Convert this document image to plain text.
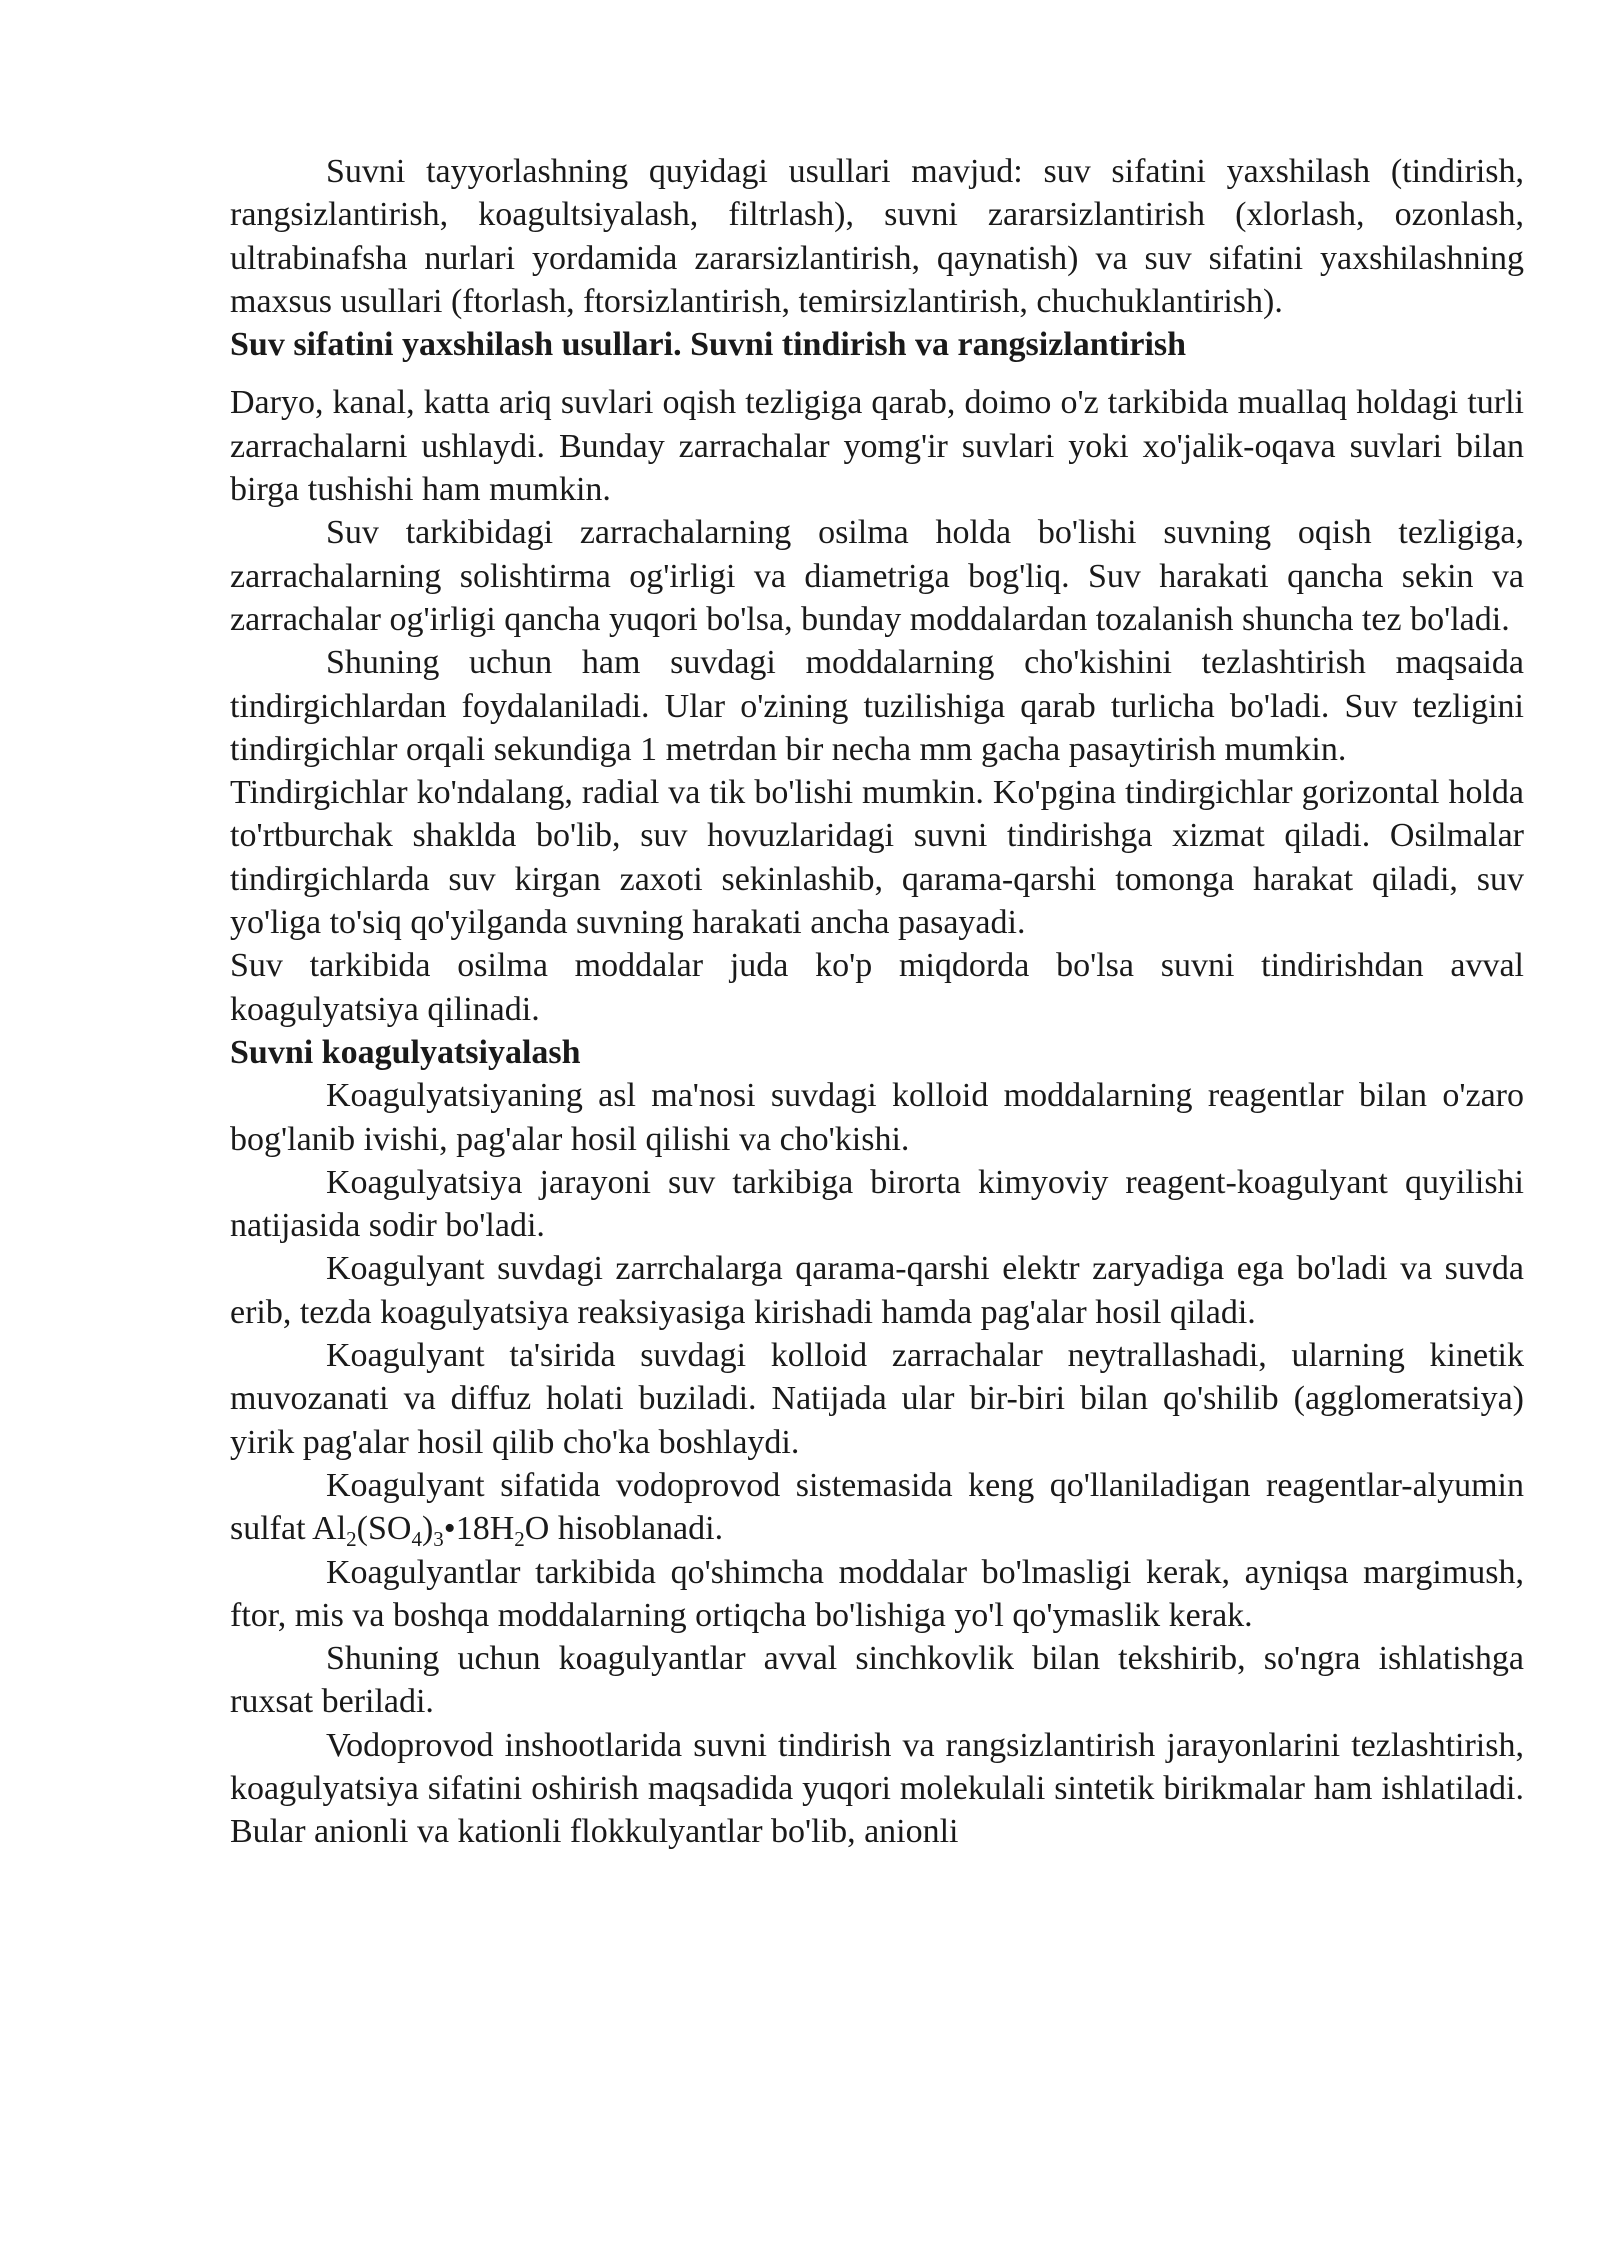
Suvni tayyorlashning quyidagi usullari mavjud: suv sifatini yaxshilash (tindirish, rangsizlantirish, koagultsiyalash, filtrlash), suvni zararsizlantirish (xlorlash, ozonlash, ultrabinafsha nurlari yordamida zararsizlantirish, qaynatish) va suv sifatini yaxshilashning maxsus usullari (ftorlash, ftorsizlantirish, temirsizlantirish, chuchuklantirish).

Suv sifatini yaxshilash usullari. Suvni tindirish va rangsizlantirish

Daryo, kanal, katta ariq suvlari oqish tezligiga qarab, doimo o'z tarkibida muallaq holdagi turli zarrachalarni ushlaydi. Bunday zarrachalar yomg'ir suvlari yoki xo'jalik-oqava suvlari bilan birga tushishi ham mumkin.

Suv tarkibidagi zarrachalarning osilma holda bo'lishi suvning oqish tezligiga, zarrachalarning solishtirma og'irligi va diametriga bog'liq. Suv harakati qancha sekin va zarrachalar og'irligi qancha yuqori bo'lsa, bunday moddalardan tozalanish shuncha tez bo'ladi.

Shuning uchun ham suvdagi moddalarning cho'kishini tezlashtirish maqsaida tindirgichlardan foydalaniladi. Ular o'zining tuzilishiga qarab turlicha bo'ladi. Suv tezligini tindirgichlar orqali sekundiga 1 metrdan bir necha mm gacha pasaytirish mumkin.

Tindirgichlar ko'ndalang, radial va tik bo'lishi mumkin. Ko'pgina tindirgichlar gorizontal holda to'rtburchak shaklda bo'lib, suv hovuzlaridagi suvni tindirishga xizmat qiladi. Osilmalar tindirgichlarda suv kirgan zaxoti sekinlashib, qarama-qarshi tomonga harakat qiladi, suv yo'liga to'siq qo'yilganda suvning harakati ancha pasayadi.

Suv tarkibida osilma moddalar juda ko'p miqdorda bo'lsa suvni tindirishdan avval koagulyatsiya qilinadi.

Suvni koagulyatsiyalash

Koagulyatsiyaning asl ma'nosi suvdagi kolloid moddalarning reagentlar bilan o'zaro bog'lanib ivishi, pag'alar hosil qilishi va cho'kishi.

Koagulyatsiya jarayoni suv tarkibiga birorta kimyoviy reagent-koagulyant quyilishi natijasida sodir bo'ladi.

Koagulyant suvdagi zarrchalarga qarama-qarshi elektr zaryadiga ega bo'ladi va suvda erib, tezda koagulyatsiya reaksiyasiga kirishadi hamda pag'alar hosil qiladi.

Koagulyant ta'sirida suvdagi kolloid zarrachalar neytrallashadi, ularning kinetik muvozanati va diffuz holati buziladi. Natijada ular bir-biri bilan qo'shilib (agglomeratsiya) yirik pag'alar hosil qilib cho'ka boshlaydi.

Koagulyant sifatida vodoprovod sistemasida keng qo'llaniladigan reagentlar-alyumin sulfat $Al_2(SO_4)_3•18H_2O$ hisoblanadi.

Koagulyantlar tarkibida qo'shimcha moddalar bo'lmasligi kerak, ayniqsa margimush, ftor, mis va boshqa moddalarning ortiqcha bo'lishiga yo'l qo'ymaslik kerak.

Shuning uchun koagulyantlar avval sinchkovlik bilan tekshirib, so'ngra ishlatishga ruxsat beriladi.

Vodoprovod inshootlarida suvni tindirish va rangsizlantirish jarayonlarini tezlashtirish, koagulyatsiya sifatini oshirish maqsadida yuqori molekulali sintetik birikmalar ham ishlatiladi. Bular anionli va kationli flokkulyantlar bo'lib, anionli
